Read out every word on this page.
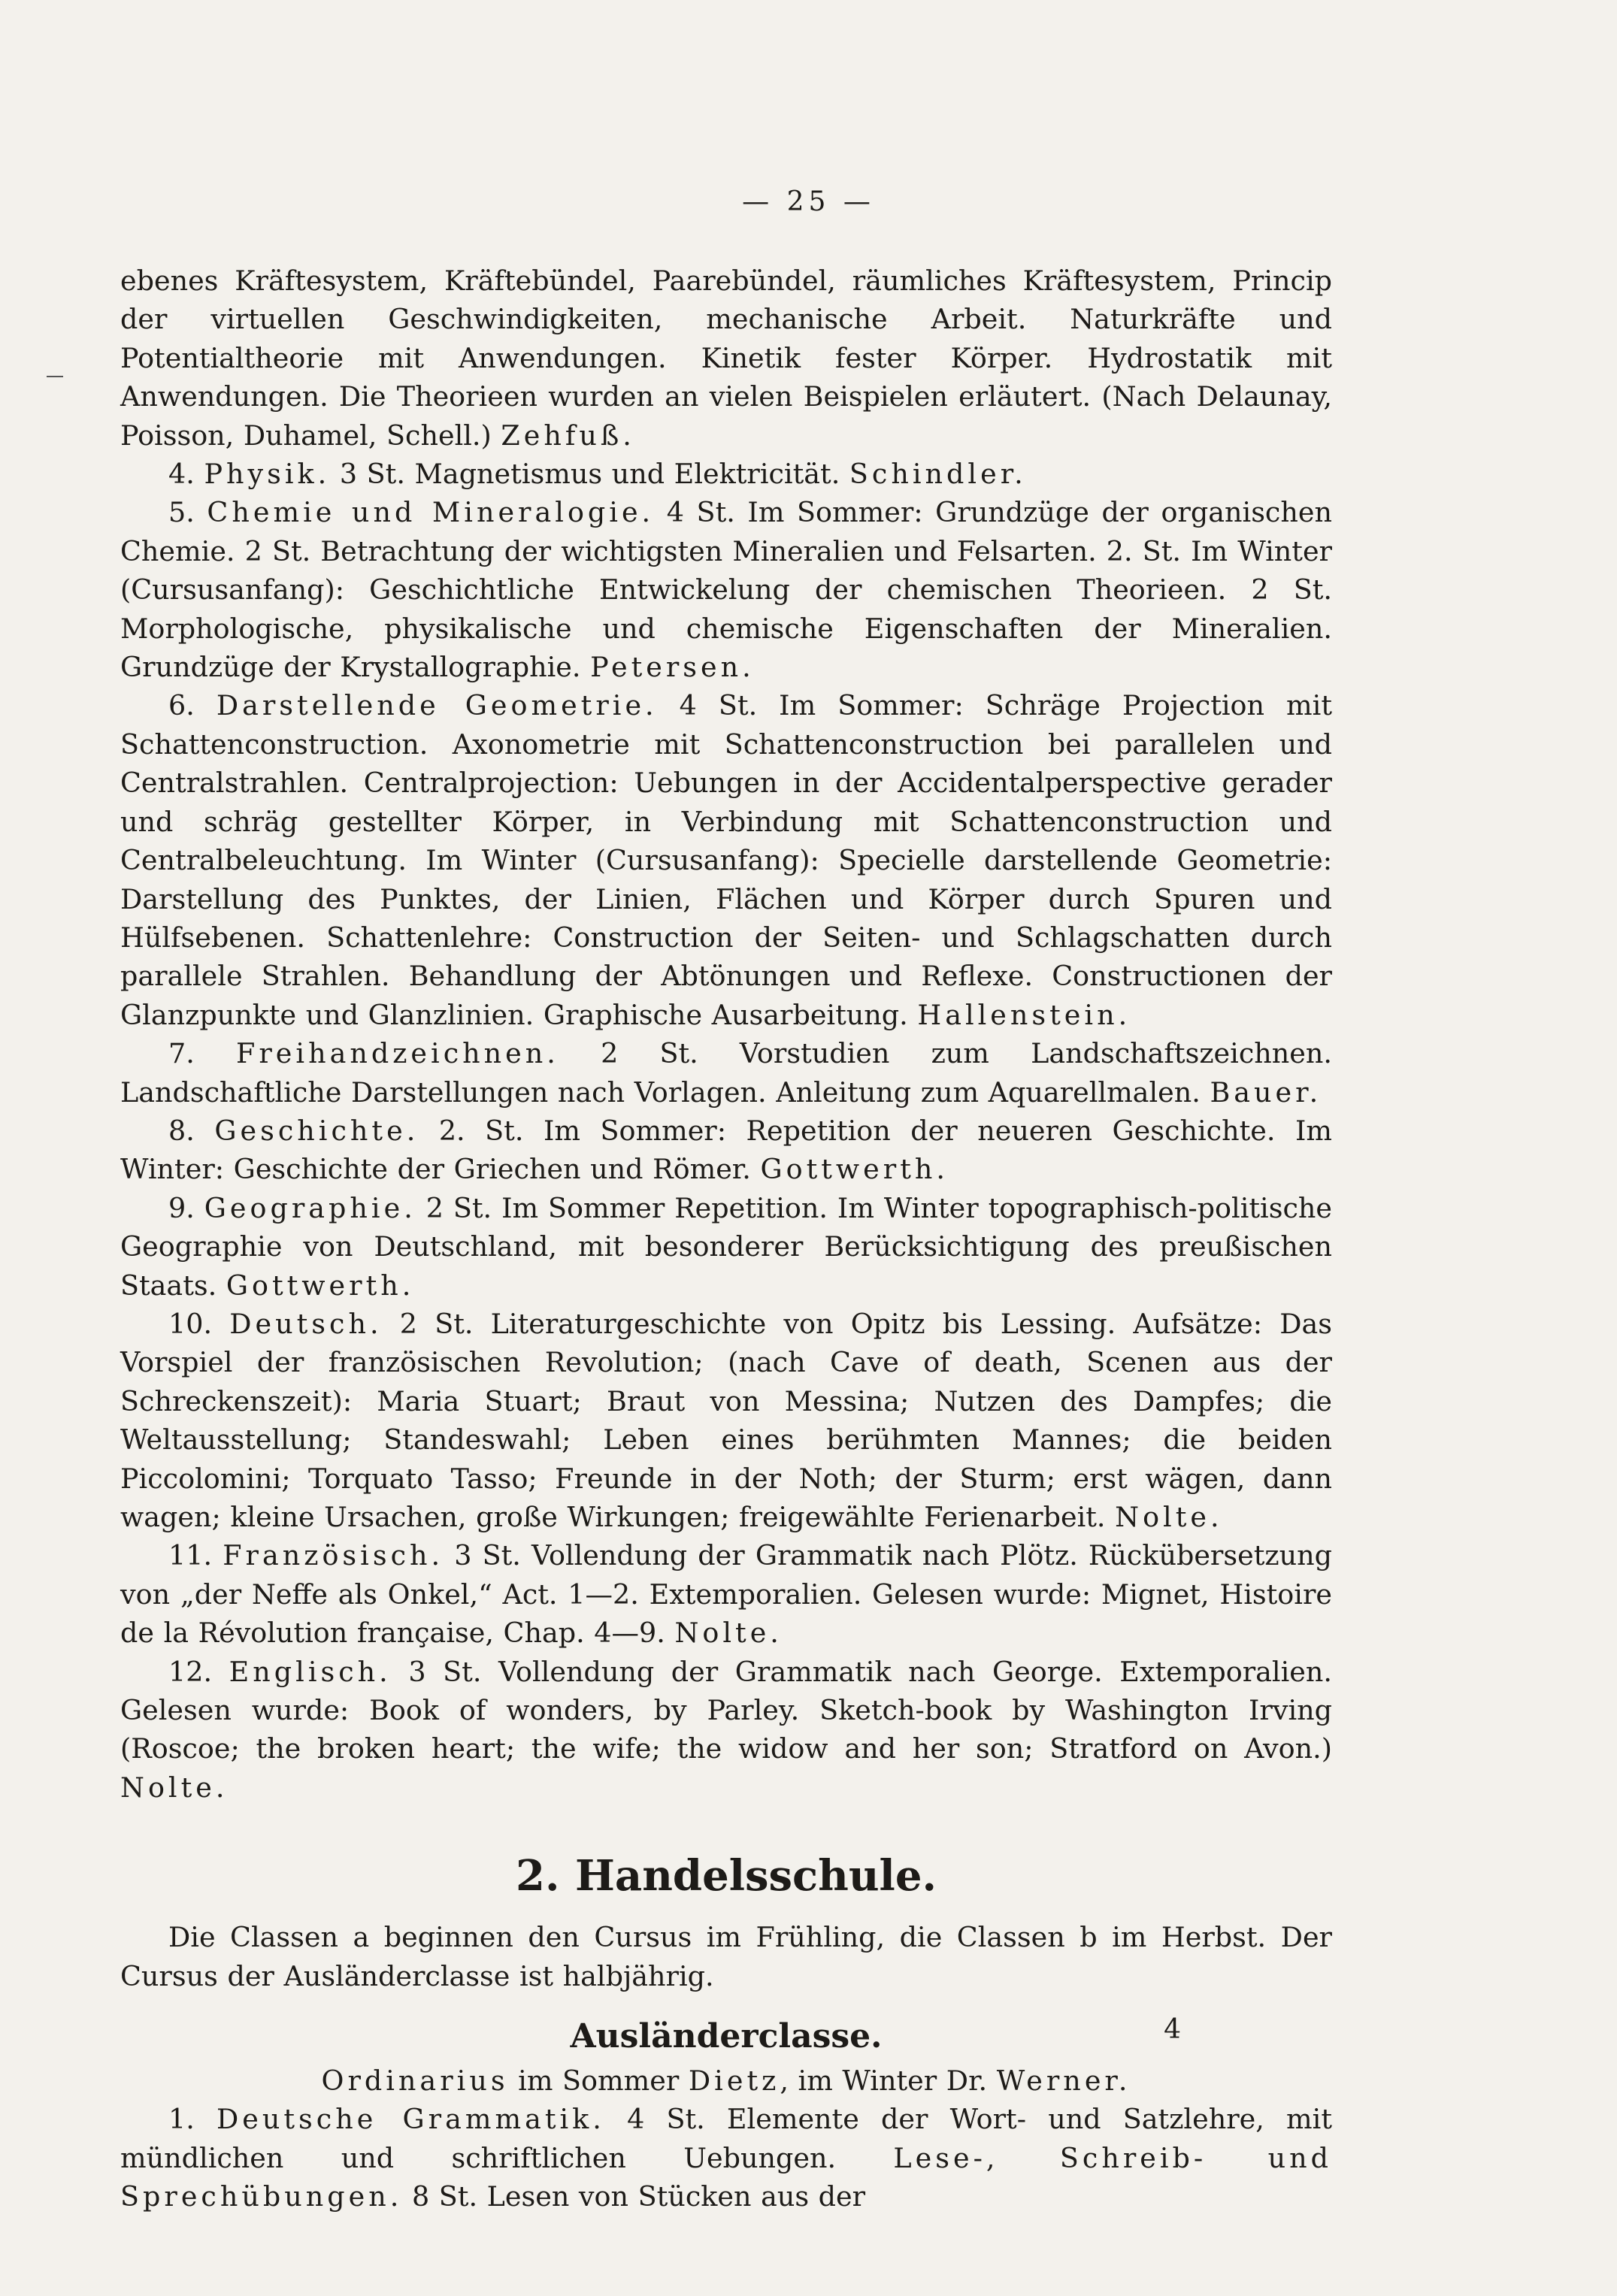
— 25 —

ebenes Kräftesystem, Kräftebündel, Paarebündel, räumliches Kräftesystem, Princip der virtuellen Geschwindigkeiten, mechanische Arbeit. Naturkräfte und Potentialtheorie mit Anwendungen. Kinetik fester Körper. Hydrostatik mit Anwendungen. Die Theorieen wurden an vielen Beispielen erläutert. (Nach Delaunay, Poisson, Duhamel, Schell.) Zehfuß.

4. Physik. 3 St. Magnetismus und Elektricität. Schindler.

5. Chemie und Mineralogie. 4 St. Im Sommer: Grundzüge der organischen Chemie. 2 St. Betrachtung der wichtigsten Mineralien und Felsarten. 2. St. Im Winter (Cursusanfang): Geschichtliche Entwickelung der chemischen Theorieen. 2 St. Morphologische, physikalische und chemische Eigenschaften der Mineralien. Grundzüge der Krystallographie. Petersen.

6. Darstellende Geometrie. 4 St. Im Sommer: Schräge Projection mit Schattenconstruction. Axonometrie mit Schattenconstruction bei parallelen und Centralstrahlen. Centralprojection: Uebungen in der Accidentalperspective gerader und schräg gestellter Körper, in Verbindung mit Schattenconstruction und Centralbeleuchtung. Im Winter (Cursusanfang): Specielle darstellende Geometrie: Darstellung des Punktes, der Linien, Flächen und Körper durch Spuren und Hülfsebenen. Schattenlehre: Construction der Seiten- und Schlagschatten durch parallele Strahlen. Behandlung der Abtönungen und Reflexe. Constructionen der Glanzpunkte und Glanzlinien. Graphische Ausarbeitung. Hallenstein.

7. Freihandzeichnen. 2 St. Vorstudien zum Landschaftszeichnen. Landschaftliche Darstellungen nach Vorlagen. Anleitung zum Aquarellmalen. Bauer.

8. Geschichte. 2. St. Im Sommer: Repetition der neueren Geschichte. Im Winter: Geschichte der Griechen und Römer. Gottwerth.

9. Geographie. 2 St. Im Sommer Repetition. Im Winter topographisch-politische Geographie von Deutschland, mit besonderer Berücksichtigung des preußischen Staats. Gottwerth.

10. Deutsch. 2 St. Literaturgeschichte von Opitz bis Lessing. Aufsätze: Das Vorspiel der französischen Revolution; (nach Cave of death, Scenen aus der Schreckenszeit): Maria Stuart; Braut von Messina; Nutzen des Dampfes; die Weltausstellung; Standeswahl; Leben eines berühmten Mannes; die beiden Piccolomini; Torquato Tasso; Freunde in der Noth; der Sturm; erst wägen, dann wagen; kleine Ursachen, große Wirkungen; freigewählte Ferienarbeit. Nolte.

11. Französisch. 3 St. Vollendung der Grammatik nach Plötz. Rückübersetzung von „der Neffe als Onkel,“ Act. 1—2. Extemporalien. Gelesen wurde: Mignet, Histoire de la Révolution française, Chap. 4—9. Nolte.

12. Englisch. 3 St. Vollendung der Grammatik nach George. Extemporalien. Gelesen wurde: Book of wonders, by Parley. Sketch-book by Washington Irving (Roscoe; the broken heart; the wife; the widow and her son; Stratford on Avon.) Nolte.

2. Handelsschule.

Die Classen a beginnen den Cursus im Frühling, die Classen b im Herbst. Der Cursus der Ausländerclasse ist halbjährig.

Ausländerclasse.

Ordinarius im Sommer Dietz, im Winter Dr. Werner.

1. Deutsche Grammatik. 4 St. Elemente der Wort- und Satzlehre, mit mündlichen und schriftlichen Uebungen. Lese-, Schreib- und Sprechübungen. 8 St. Lesen von Stücken aus der

4
